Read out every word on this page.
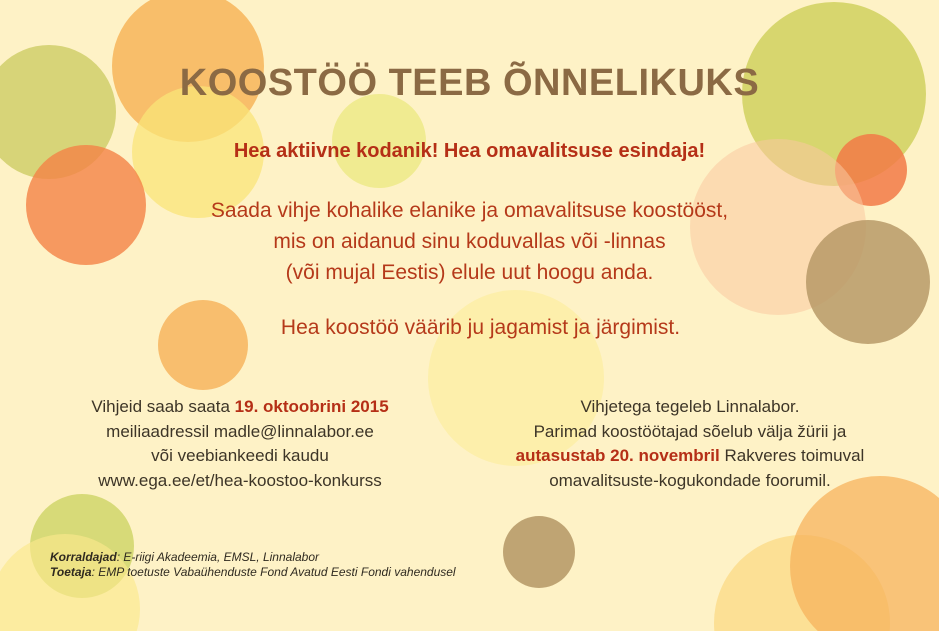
KOOSTÖÖ TEEB ÕNNELIKUKS
Hea aktiivne kodanik! Hea omavalitsuse esindaja!
Saada vihje kohalike elanike ja omavalitsuse koostööst,
mis on aidanud sinu koduvallas või -linnas
(või mujal Eestis) elule uut hoogu anda.
Hea koostöö väärib ju jagamist ja järgimist.
Vihjeid saab saata 19. oktoobrini 2015
meiliaadressil madle@linnalabor.ee
või veebiankeedi kaudu
www.ega.ee/et/hea-koostoo-konkurss
Vihjetega tegeleb Linnalabor.
Parimad koostöötajad sõelub välja žürii ja
autasustab 20. novembril Rakveres toimuval
omavalitsuste-kogukondade foorumil.
Korraldajad: E-riigi Akadeemia, EMSL, Linnalabor
Toetaja: EMP toetuste Vabaühenduste Fond Avatud Eesti Fondi vahendusel
